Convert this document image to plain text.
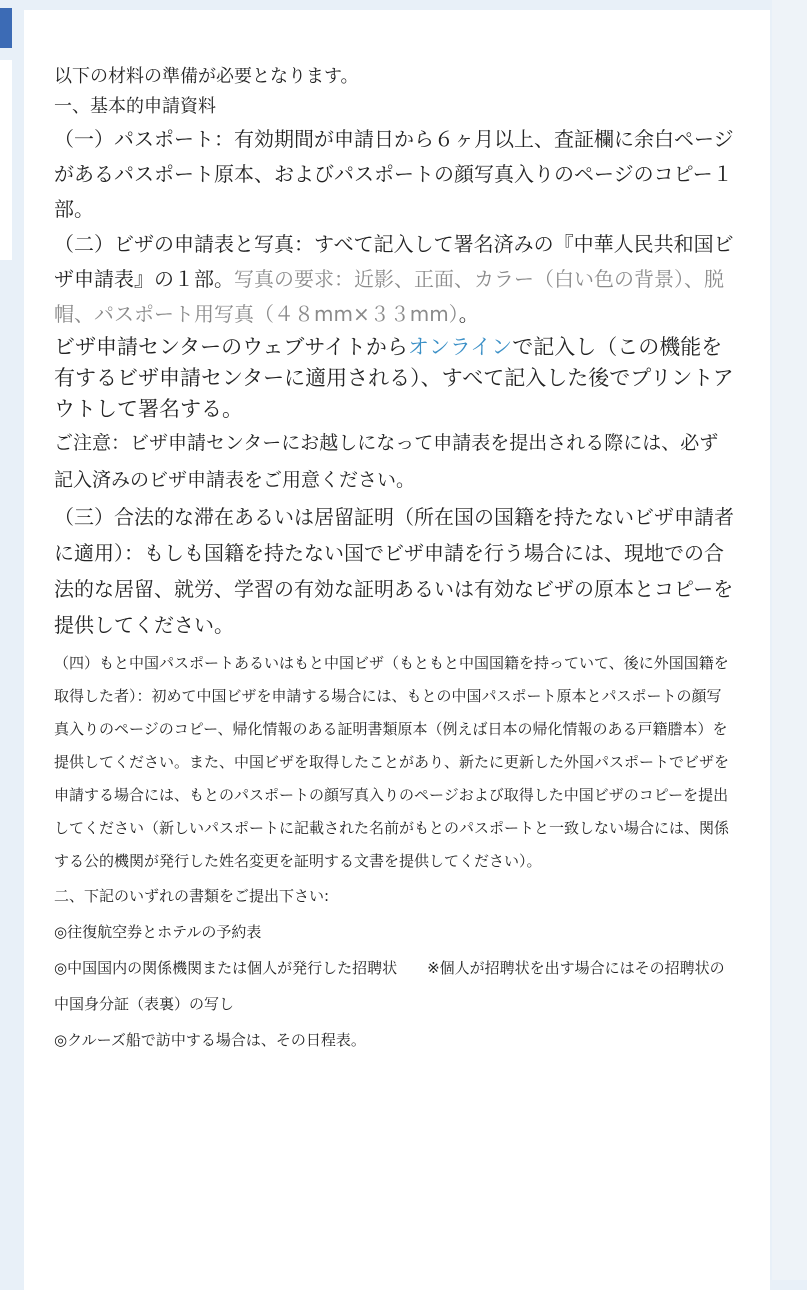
以下の材料の準備が必要となります。

一、基本的申請資料

（一）パスポート：有効期間が申請日から６ヶ月以上、査証欄に余白ページがあるパスポート原本、およびパスポートの顔写真入りのページのコピー１部。

（二）ビザの申請表と写真：すべて記入して署名済みの『中華人民共和国ビザ申請表』の１部。写真の要求：近影、正面、カラー（白い色の背景）、脱帽、パスポート用写真（４８mm×３３mm）。

ビザ申請センターのウェブサイトからオンラインで記入し（この機能を有するビザ申請センターに適用される）、すべて記入した後でプリントアウトして署名する。

ご注意：ビザ申請センターにお越しになって申請表を提出される際には、必ず記入済みのビザ申請表をご用意ください。

（三）合法的な滞在あるいは居留証明（所在国の国籍を持たないビザ申請者に適用）：もしも国籍を持たない国でビザ申請を行う場合には、現地での合法的な居留、就労、学習の有効な証明あるいは有効なビザの原本とコピーを提供してください。

（四）もと中国パスポートあるいはもと中国ビザ（もともと中国国籍を持っていて、後に外国国籍を取得した者）：初めて中国ビザを申請する場合には、もとの中国パスポート原本とパスポートの顔写真入りのページのコピー、帰化情報のある証明書類原本（例えば日本の帰化情報のある戸籍謄本）を提供してください。また、中国ビザを取得したことがあり、新たに更新した外国パスポートでビザを申請する場合には、もとのパスポートの顔写真入りのページおよび取得した中国ビザのコピーを提出してください（新しいパスポートに記載された名前がもとのパスポートと一致しない場合には、関係する公的機関が発行した姓名変更を証明する文書を提供してください）。

二、下記のいずれの書類をご提出下さい:

◎往復航空券とホテルの予約表

◎中国国内の関係機関または個人が発行した招聘状　　※個人が招聘状を出す場合にはその招聘状の中国身分証（表裏）の写し

◎クルーズ船で訪中する場合は、その日程表。
